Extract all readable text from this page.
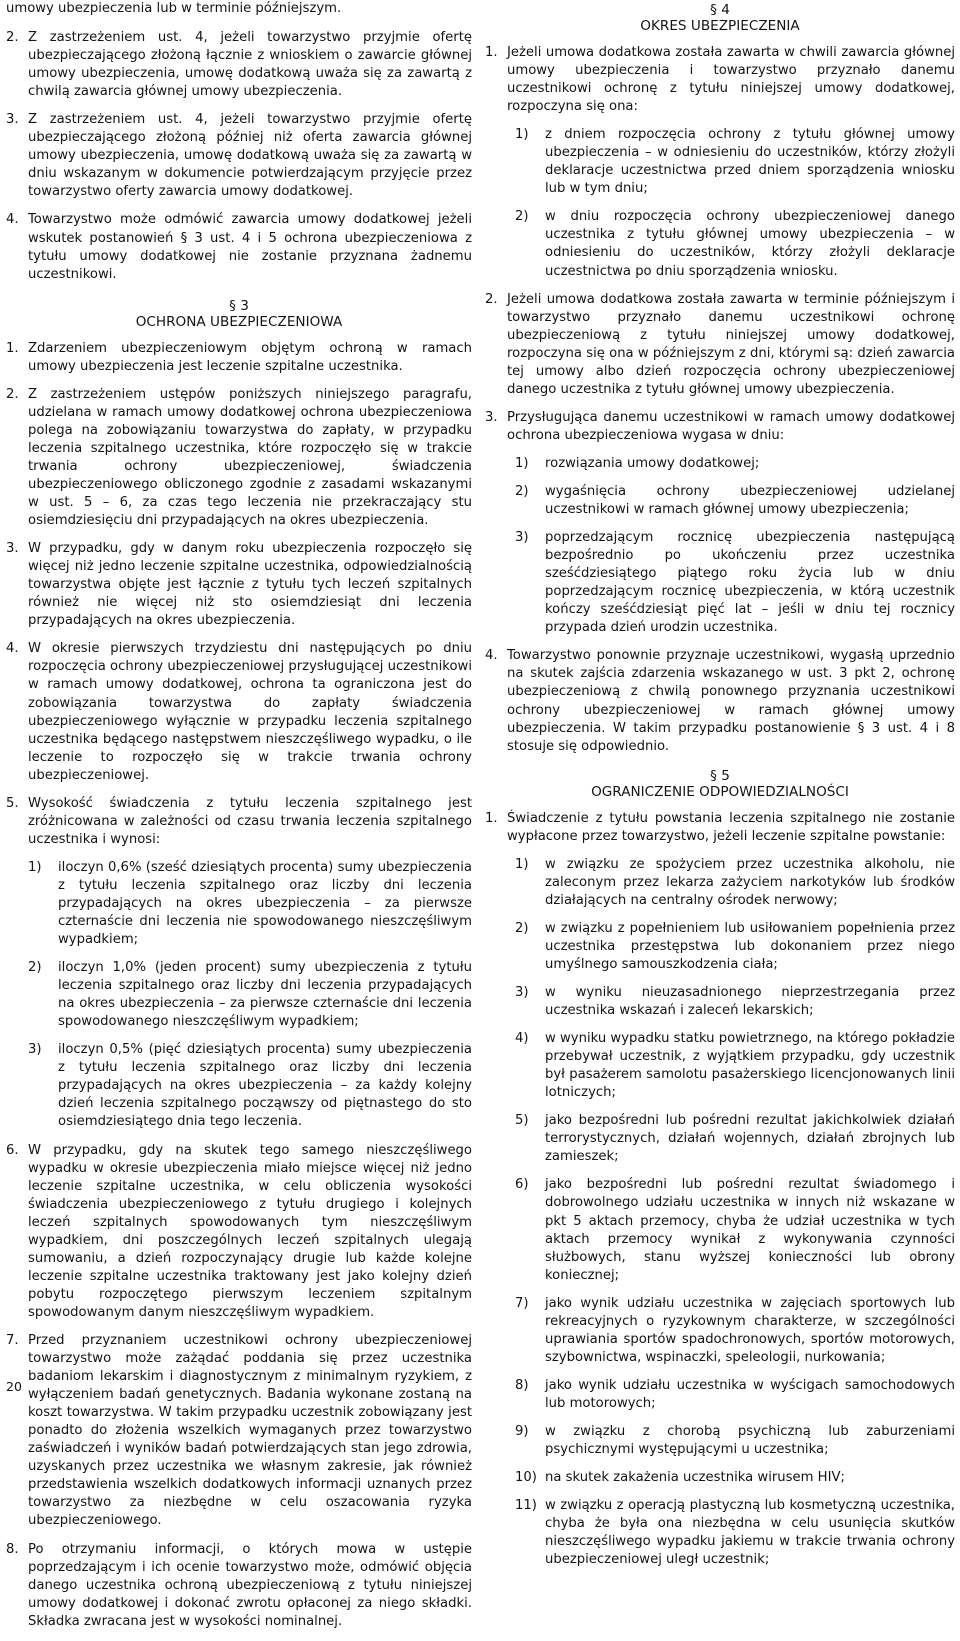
umowy ubezpieczenia lub w terminie późniejszym.
2. Z zastrzeżeniem ust. 4, jeżeli towarzystwo przyjmie ofertę ubezpieczającego złożoną łącznie z wnioskiem o zawarcie głównej umowy ubezpieczenia, umowę dodatkową uważa się za zawartą z chwilą zawarcia głównej umowy ubezpieczenia.
3. Z zastrzeżeniem ust. 4, jeżeli towarzystwo przyjmie ofertę ubezpieczającego złożoną później niż oferta zawarcia głównej umowy ubezpieczenia, umowę dodatkową uważa się za zawartą w dniu wskazanym w dokumencie potwierdzającym przyjęcie przez towarzystwo oferty zawarcia umowy dodatkowej.
4. Towarzystwo może odmówić zawarcia umowy dodatkowej jeżeli wskutek postanowień § 3 ust. 4 i 5 ochrona ubezpieczeniowa z tytułu umowy dodatkowej nie zostanie przyznana żadnemu uczestnikowi.
§ 3
OCHRONA UBEZPIECZENIOWA
1. Zdarzeniem ubezpieczeniowym objętym ochroną w ramach umowy ubezpieczenia jest leczenie szpitalne uczestnika.
2. Z zastrzeżeniem ustępów poniższych niniejszego paragrafu, udzielana w ramach umowy dodatkowej ochrona ubezpieczeniowa polega na zobowiązaniu towarzystwa do zapłaty, w przypadku leczenia szpitalnego uczestnika, które rozpoczęło się w trakcie trwania ochrony ubezpieczeniowej, świadczenia ubezpieczeniowego obliczonego zgodnie z zasadami wskazanymi w ust. 5 – 6, za czas tego leczenia nie przekraczający stu osiemdziesięciu dni przypadających na okres ubezpieczenia.
3. W przypadku, gdy w danym roku ubezpieczenia rozpoczęło się więcej niż jedno leczenie szpitalne uczestnika, odpowiedzialnością towarzystwa objęte jest łącznie z tytułu tych leczeń szpitalnych również nie więcej niż sto osiemdziesiąt dni leczenia przypadających na okres ubezpieczenia.
4. W okresie pierwszych trzydziestu dni następujących po dniu rozpoczęcia ochrony ubezpieczeniowej przysługującej uczestnikowi w ramach umowy dodatkowej, ochrona ta ograniczona jest do zobowiązania towarzystwa do zapłaty świadczenia ubezpieczeniowego wyłącznie w przypadku leczenia szpitalnego uczestnika będącego następstwem nieszczęśliwego wypadku, o ile leczenie to rozpoczęło się w trakcie trwania ochrony ubezpieczeniowej.
5. Wysokość świadczenia z tytułu leczenia szpitalnego jest zróżnicowana w zależności od czasu trwania leczenia szpitalnego uczestnika i wynosi:
1)	iloczyn 0,6% (sześć dziesiątych procenta) sumy ubezpieczenia z tytułu leczenia szpitalnego oraz liczby dni leczenia przypadających na okres ubezpieczenia – za pierwsze czternaście dni leczenia nie spowodowanego nieszczęśliwym wypadkiem;
2)	iloczyn 1,0% (jeden procent) sumy ubezpieczenia z tytułu leczenia szpitalnego oraz liczby dni leczenia przypadających na okres ubezpieczenia – za pierwsze czternaście dni leczenia spowodowanego nieszczęśliwym wypadkiem;
3)	iloczyn 0,5% (pięć dziesiątych procenta) sumy ubezpieczenia z tytułu leczenia szpitalnego oraz liczby dni leczenia przypadających na okres ubezpieczenia – za każdy kolejny dzień leczenia szpitalnego począwszy od piętnastego do sto osiemdziesiątego dnia tego leczenia.
6. W przypadku, gdy na skutek tego samego nieszczęśliwego wypadku w okresie ubezpieczenia miało miejsce więcej niż jedno leczenie szpitalne uczestnika, w celu obliczenia wysokości świadczenia ubezpieczeniowego z tytułu drugiego i kolejnych leczeń szpitalnych spowodowanych tym nieszczęśliwym wypadkiem, dni poszczególnych leczeń szpitalnych ulegają sumowaniu, a dzień rozpoczynający drugie lub każde kolejne leczenie szpitalne uczestnika traktowany jest jako kolejny dzień pobytu rozpoczętego pierwszym leczeniem szpitalnym spowodowanym danym nieszczęśliwym wypadkiem.
7. Przed przyznaniem uczestnikowi ochrony ubezpieczeniowej towarzystwo może zażądać poddania się przez uczestnika badaniom lekarskim i diagnostycznym z minimalnym ryzykiem, z wyłączeniem badań genetycznych. Badania wykonane zostaną na koszt towarzystwa. W takim przypadku uczestnik zobowiązany jest ponadto do złożenia wszelkich wymaganych przez towarzystwo zaświadczeń i wyników badań potwierdzających stan jego zdrowia, uzyskanych przez uczestnika we własnym zakresie, jak również przedstawienia wszelkich dodatkowych informacji uznanych przez towarzystwo za niezbędne w celu oszacowania ryzyka ubezpieczeniowego.
8. Po otrzymaniu informacji, o których mowa w ustępie poprzedzającym i ich ocenie towarzystwo może, odmówić objęcia danego uczestnika ochroną ubezpieczeniową z tytułu niniejszej umowy dodatkowej i dokonać zwrotu opłaconej za niego składki. Składka zwracana jest w wysokości nominalnej.
§ 4
OKRES UBEZPIECZENIA
1. Jeżeli umowa dodatkowa została zawarta w chwili zawarcia głównej umowy ubezpieczenia i towarzystwo przyznało danemu uczestnikowi ochronę z tytułu niniejszej umowy dodatkowej, rozpoczyna się ona:
1)	z dniem rozpoczęcia ochrony z tytułu głównej umowy ubezpieczenia – w odniesieniu do uczestników, którzy złożyli deklaracje uczestnictwa przed dniem sporządzenia wniosku lub w tym dniu;
2)	w dniu rozpoczęcia ochrony ubezpieczeniowej danego uczestnika z tytułu głównej umowy ubezpieczenia – w odniesieniu do uczestników, którzy złożyli deklaracje uczestnictwa po dniu sporządzenia wniosku.
2. Jeżeli umowa dodatkowa została zawarta w terminie późniejszym i towarzystwo przyznało danemu uczestnikowi ochronę ubezpieczeniową z tytułu niniejszej umowy dodatkowej, rozpoczyna się ona w późniejszym z dni, którymi są: dzień zawarcia tej umowy albo dzień rozpoczęcia ochrony ubezpieczeniowej danego uczestnika z tytułu głównej umowy ubezpieczenia.
3. Przysługująca danemu uczestnikowi w ramach umowy dodatkowej ochrona ubezpieczeniowa wygasa w dniu:
1)	rozwiązania umowy dodatkowej;
2)	wygaśnięcia ochrony ubezpieczeniowej udzielanej uczestnikowi w ramach głównej umowy ubezpieczenia;
3)	poprzedzającym rocznicę ubezpieczenia następującą bezpośrednio po ukończeniu przez uczestnika sześćdziesiątego piątego roku życia lub w dniu poprzedzającym rocznicę ubezpieczenia, w którą uczestnik kończy sześćdziesiąt pięć lat – jeśli w dniu tej rocznicy przypada dzień urodzin uczestnika.
4. Towarzystwo ponownie przyznaje uczestnikowi, wygasłą uprzednio na skutek zajścia zdarzenia wskazanego w ust. 3 pkt 2, ochronę ubezpieczeniową z chwilą ponownego przyznania uczestnikowi ochrony ubezpieczeniowej w ramach głównej umowy ubezpieczenia. W takim przypadku postanowienie § 3 ust. 4 i 8 stosuje się odpowiednio.
§ 5
OGRANICZENIE ODPOWIEDZIALNOŚCI
1. Świadczenie z tytułu powstania leczenia szpitalnego nie zostanie wypłacone przez towarzystwo, jeżeli leczenie szpitalne powstanie:
1)	w związku ze spożyciem przez uczestnika alkoholu, nie zaleconym przez lekarza zażyciem narkotyków lub środków działających na centralny ośrodek nerwowy;
2)	w związku z popełnieniem lub usiłowaniem popełnienia przez uczestnika przestępstwa lub dokonaniem przez niego umyślnego samouszkodzenia ciała;
3)	w wyniku nieuzasadnionego nieprzestrzegania przez uczestnika wskazań i zaleceń lekarskich;
4)	w wyniku wypadku statku powietrznego, na którego pokładzie przebywał uczestnik, z wyjątkiem przypadku, gdy uczestnik był pasażerem samolotu pasażerskiego licencjonowanych linii lotniczych;
5)	jako bezpośredni lub pośredni rezultat jakichkolwiek działań terrorystycznych, działań wojennych, działań zbrojnych lub zamieszek;
6)	jako bezpośredni lub pośredni rezultat świadomego i dobrowolnego udziału uczestnika w innych niż wskazane w pkt 5 aktach przemocy, chyba że udział uczestnika w tych aktach przemocy wynikał z wykonywania czynności służbowych, stanu wyższej konieczności lub obrony koniecznej;
7)	jako wynik udziału uczestnika w zajęciach sportowych lub rekreacyjnych o ryzykownym charakterze, w szczególności uprawiania sportów spadochronowych, sportów motorowych, szybownictwa, wspinaczki, speleologii, nurkowania;
8)	jako wynik udziału uczestnika w wyścigach samochodowych lub motorowych;
9)	w związku z chorobą psychiczną lub zaburzeniami psychicznymi występującymi u uczestnika;
10) na skutek zakażenia uczestnika wirusem HIV;
11) w związku z operacją plastyczną lub kosmetyczną uczestnika, chyba że była ona niezbędna w celu usunięcia skutków nieszczęśliwego wypadku jakiemu w trakcie trwania ochrony ubezpieczeniowej uległ uczestnik;
20
